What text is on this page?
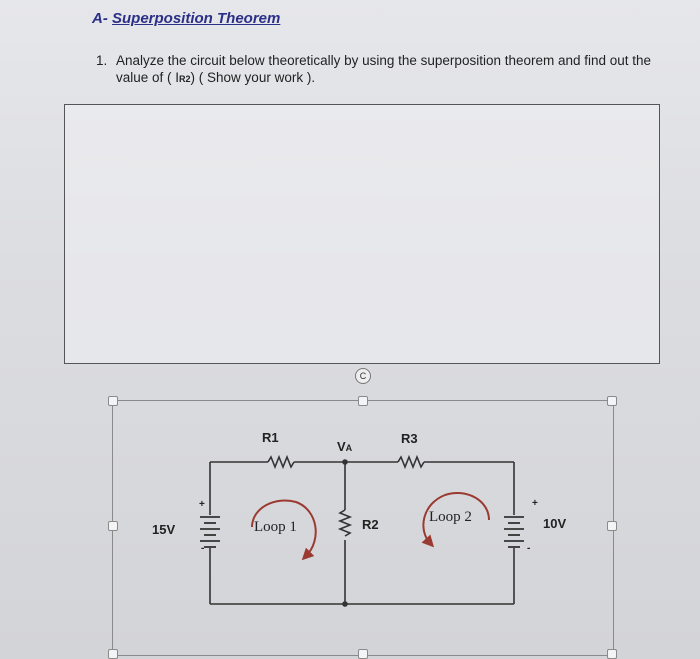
A- Superposition Theorem
1. Analyze the circuit below theoretically by using the superposition theorem and find out the value of ( IR2) ( Show your work ).
C
R1	R3
VA
R2
15V	10V
+
-
+
-
Loop 1
Loop 2
